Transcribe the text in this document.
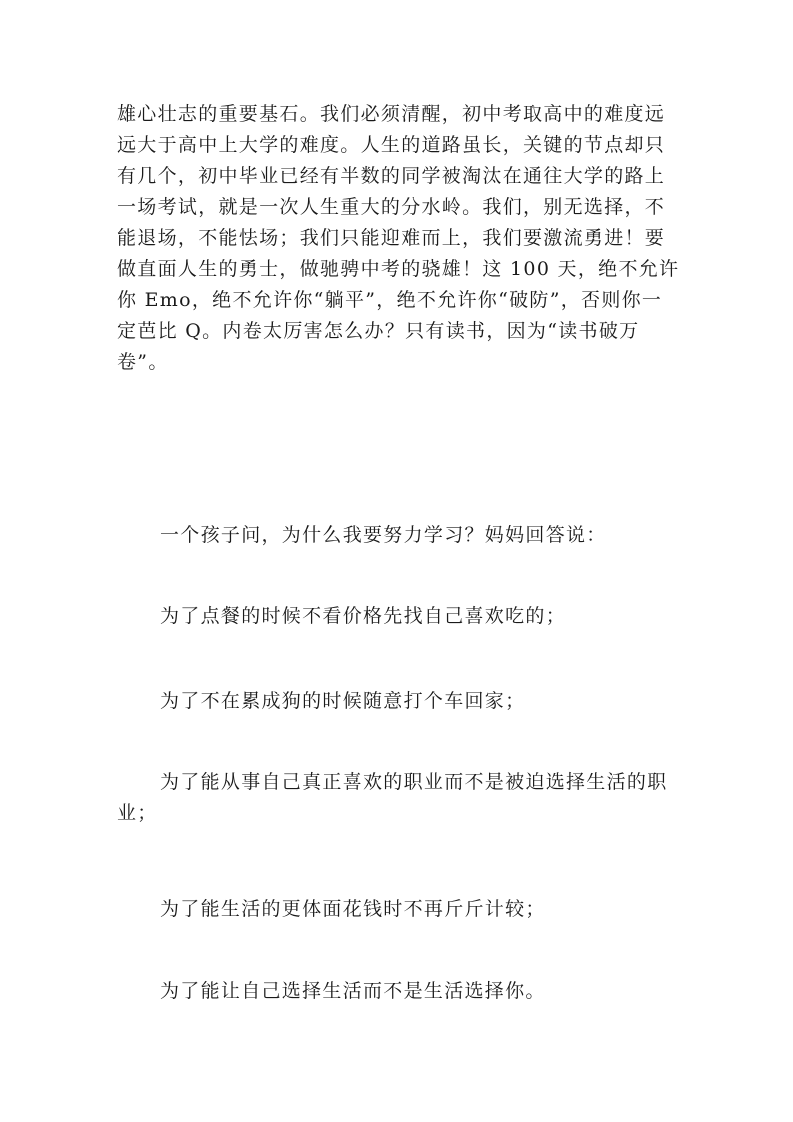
雄心壮志的重要基石。我们必须清醒，初中考取高中的难度远远大于高中上大学的难度。人生的道路虽长，关键的节点却只有几个，初中毕业已经有半数的同学被淘汰在通往大学的路上一场考试，就是一次人生重大的分水岭。我们，别无选择，不能退场，不能怯场；我们只能迎难而上，我们要激流勇进！要做直面人生的勇士，做驰骋中考的骁雄！这 100 天，绝不允许你 Emo，绝不允许你“躺平”，绝不允许你“破防”，否则你一定芭比 Q。内卷太厉害怎么办？只有读书，因为“读书破万卷”。

一个孩子问，为什么我要努力学习？妈妈回答说：

为了点餐的时候不看价格先找自己喜欢吃的；

为了不在累成狗的时候随意打个车回家；

为了能从事自己真正喜欢的职业而不是被迫选择生活的职业；

为了能生活的更体面花钱时不再斤斤计较；

为了能让自己选择生活而不是生活选择你。
